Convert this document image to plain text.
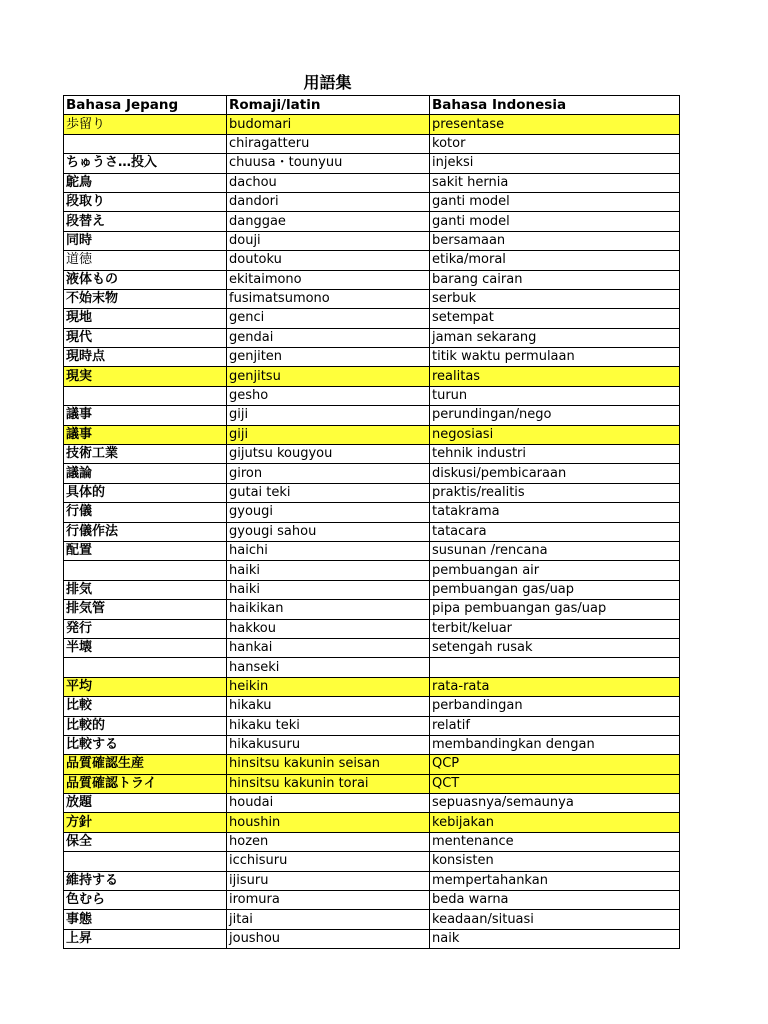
用語集
Bahasa Jepang	Romaji/latin	Bahasa Indonesia
歩留り	budomari	presentase
	chiragatteru	kotor
ちゅうさ…投入	chuusa・tounyuu	injeksi
鴕鳥	dachou	sakit hernia
段取り	dandori	ganti model
段替え	danggae	ganti model
同時	douji	bersamaan
道徳	doutoku	etika/moral
液体もの	ekitaimono	barang cairan
不始末物	fusimatsumono	serbuk
現地	genci	setempat
現代	gendai	jaman sekarang
現時点	genjiten	titik waktu permulaan
現実	genjitsu	realitas
	gesho	turun
議事	giji	perundingan/nego
議事	giji	negosiasi
技術工業	gijutsu kougyou	tehnik industri
議論	giron	diskusi/pembicaraan
具体的	gutai teki	praktis/realitis
行儀	gyougi	tatakrama
行儀作法	gyougi sahou	tatacara
配置	haichi	susunan /rencana
	haiki	pembuangan air
排気	haiki	pembuangan gas/uap
排気管	haikikan	pipa pembuangan gas/uap
発行	hakkou	terbit/keluar
半壊	hankai	setengah rusak
	hanseki	
平均	heikin	rata-rata
比較	hikaku	perbandingan
比較的	hikaku teki	relatif
比較する	hikakusuru	membandingkan dengan
品質確認生産	hinsitsu kakunin seisan	QCP
品質確認トライ	hinsitsu kakunin torai	QCT
放題	houdai	sepuasnya/semaunya
方針	houshin	kebijakan
保全	hozen	mentenance
	icchisuru	konsisten
維持する	ijisuru	mempertahankan
色むら	iromura	beda warna
事態	jitai	keadaan/situasi
上昇	joushou	naik
